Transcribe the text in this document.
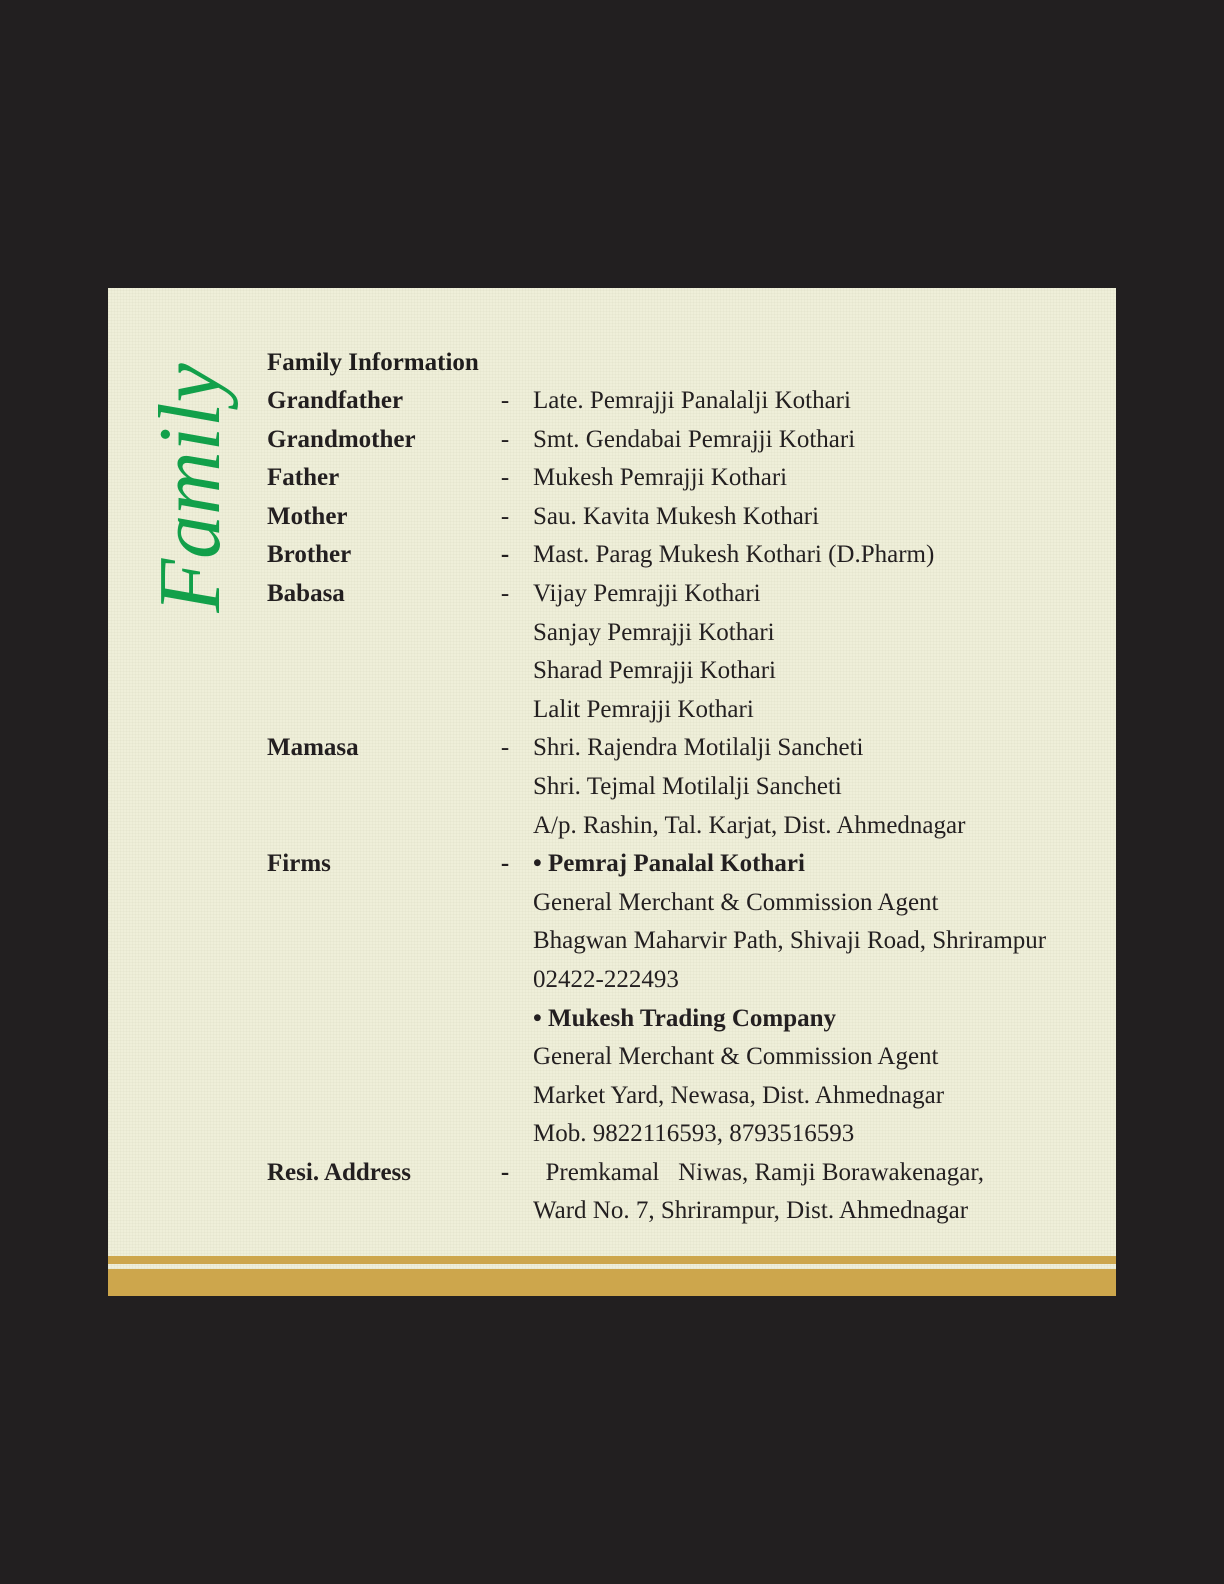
Family
Family Information
Grandfather	- Late. Pemrajji Panalalji Kothari
Grandmother	- Smt. Gendabai Pemrajji Kothari
Father	- Mukesh Pemrajji Kothari
Mother	- Sau. Kavita Mukesh Kothari
Brother	- Mast. Parag Mukesh Kothari (D.Pharm)
Babasa	- Vijay Pemrajji Kothari
Sanjay Pemrajji Kothari
Sharad Pemrajji Kothari
Lalit Pemrajji Kothari
Mamasa	- Shri. Rajendra Motilalji Sancheti
Shri. Tejmal Motilalji Sancheti
A/p. Rashin, Tal. Karjat, Dist. Ahmednagar
Firms	- • Pemraj Panalal Kothari
General Merchant & Commission Agent
Bhagwan Maharvir Path, Shivaji Road, Shrirampur
02422-222493
• Mukesh Trading Company
General Merchant & Commission Agent
Market Yard, Newasa, Dist. Ahmednagar
Mob. 9822116593, 8793516593
Resi. Address	- Premkamal   Niwas, Ramji Borawakenagar,
Ward No. 7, Shrirampur, Dist. Ahmednagar
